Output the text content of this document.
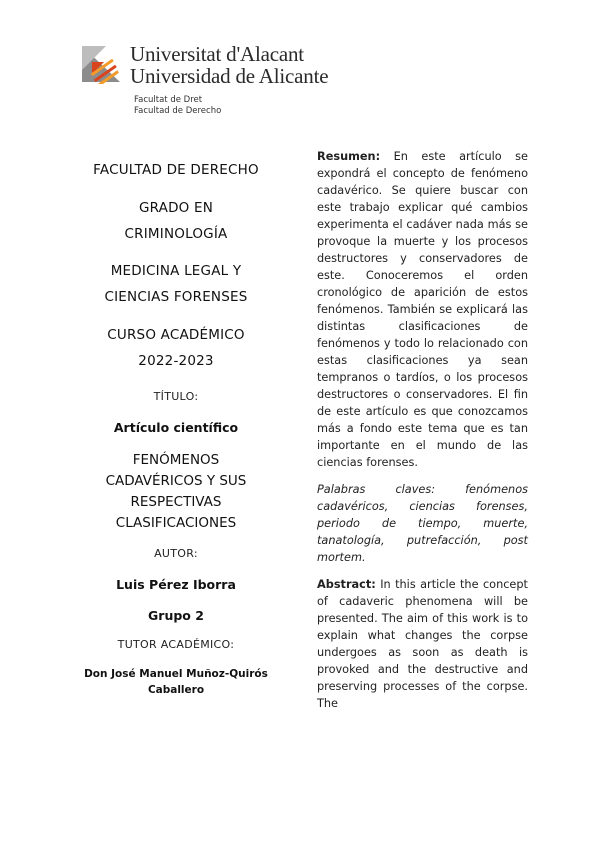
Universitat d'Alacant
Universidad de Alicante
Facultat de Dret
Facultad de Derecho
FACULTAD DE DERECHO
GRADO EN
CRIMINOLOGÍA
MEDICINA LEGAL Y
CIENCIAS FORENSES
CURSO ACADÉMICO
2022-2023
TÍTULO:
Artículo científico
FENÓMENOS
CADAVÉRICOS Y SUS
RESPECTIVAS
CLASIFICACIONES
AUTOR:
Luis Pérez Iborra
Grupo 2
TUTOR ACADÉMICO:
Don José Manuel Muñoz-Quirós
Caballero

Resumen: En este artículo se expondrá el concepto de fenómeno cadavérico. Se quiere buscar con este trabajo explicar qué cambios experimenta el cadáver nada más se provoque la muerte y los procesos destructores y conservadores de este. Conoceremos el orden cronológico de aparición de estos fenómenos. También se explicará las distintas clasificaciones de fenómenos y todo lo relacionado con estas clasificaciones ya sean tempranos o tardíos, o los procesos destructores o conservadores. El fin de este artículo es que conozcamos más a fondo este tema que es tan importante en el mundo de las ciencias forenses.

Palabras claves: fenómenos cadavéricos, ciencias forenses, periodo de tiempo, muerte, tanatología, putrefacción, post mortem.

Abstract: In this article the concept of cadaveric phenomena will be presented. The aim of this work is to explain what changes the corpse undergoes as soon as death is provoked and the destructive and preserving processes of the corpse. The
